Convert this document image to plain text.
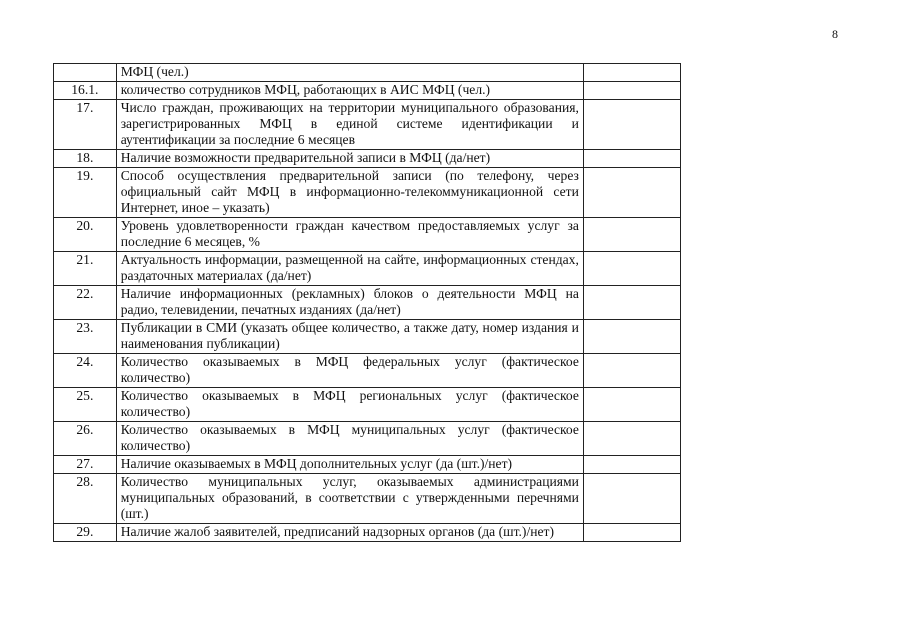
8
	МФЦ (чел.)	
16.1.	количество сотрудников МФЦ, работающих в АИС МФЦ (чел.)	
17.	Число граждан, проживающих на территории муниципального образования, зарегистрированных МФЦ в единой системе идентификации и аутентификации за последние 6 месяцев	
18.	Наличие возможности предварительной записи в МФЦ (да/нет)	
19.	Способ осуществления предварительной записи (по телефону, через официальный сайт МФЦ в информационно-телекоммуникационной сети Интернет, иное – указать)	
20.	Уровень удовлетворенности граждан качеством предоставляемых услуг за последние 6 месяцев, %	
21.	Актуальность информации, размещенной на сайте, информационных стендах, раздаточных материалах (да/нет)	
22.	Наличие информационных (рекламных) блоков о деятельности МФЦ на радио, телевидении, печатных изданиях (да/нет)	
23.	Публикации в СМИ (указать общее количество, а также дату, номер издания и наименования публикации)	
24.	Количество оказываемых в МФЦ федеральных услуг (фактическое количество)	
25.	Количество оказываемых в МФЦ региональных услуг (фактическое количество)	
26.	Количество оказываемых в МФЦ муниципальных услуг (фактическое количество)	
27.	Наличие оказываемых в МФЦ дополнительных услуг (да (шт.)/нет)	
28.	Количество муниципальных услуг, оказываемых администрациями муниципальных образований, в соответствии с утвержденными перечнями (шт.)	
29.	Наличие жалоб заявителей, предписаний надзорных органов (да (шт.)/нет)	
